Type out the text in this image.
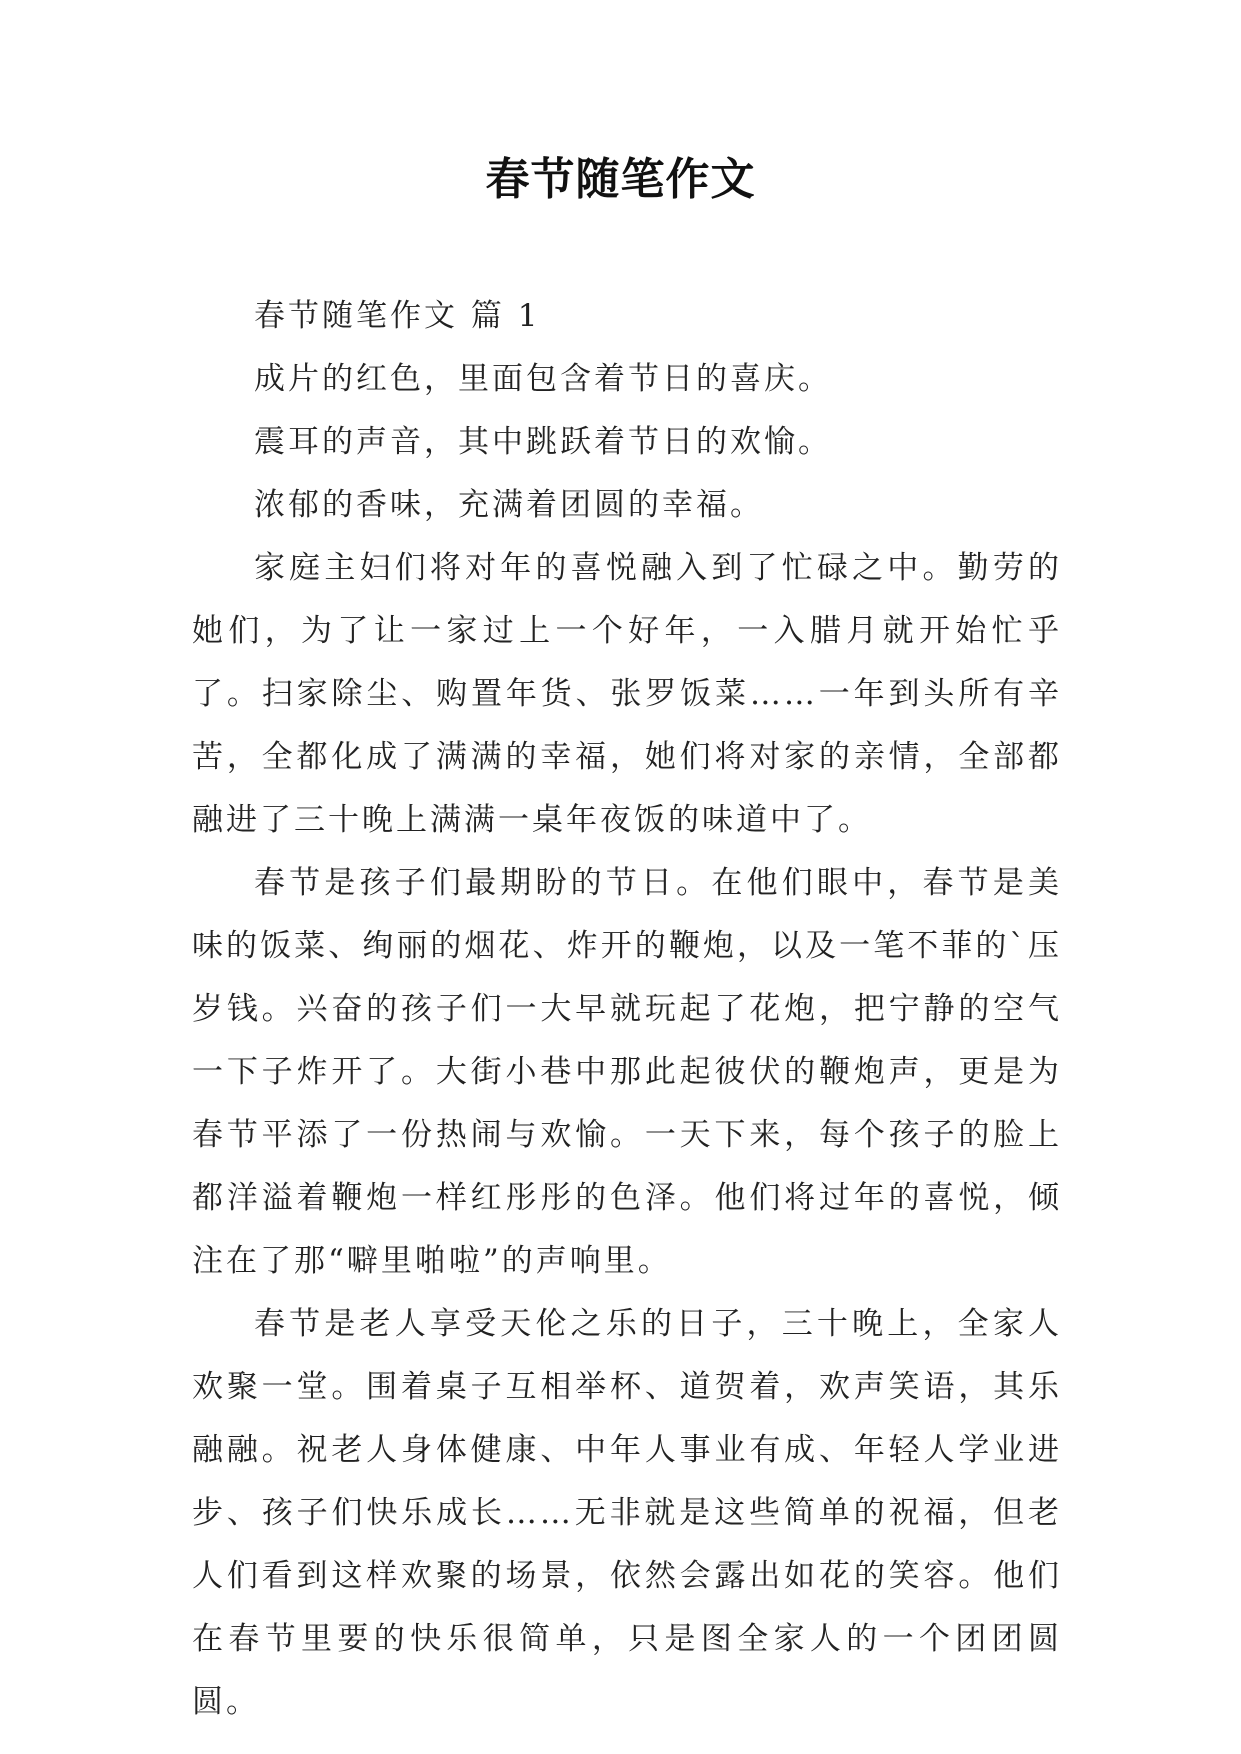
春节随笔作文

春节随笔作文 篇 1

成片的红色，里面包含着节日的喜庆。

震耳的声音，其中跳跃着节日的欢愉。

浓郁的香味，充满着团圆的幸福。

家庭主妇们将对年的喜悦融入到了忙碌之中。勤劳的她们，为了让一家过上一个好年，一入腊月就开始忙乎了。扫家除尘、购置年货、张罗饭菜……一年到头所有辛苦，全都化成了满满的幸福，她们将对家的亲情，全部都融进了三十晚上满满一桌年夜饭的味道中了。

春节是孩子们最期盼的节日。在他们眼中，春节是美味的饭菜、绚丽的烟花、炸开的鞭炮，以及一笔不菲的`压岁钱。兴奋的孩子们一大早就玩起了花炮，把宁静的空气一下子炸开了。大街小巷中那此起彼伏的鞭炮声，更是为春节平添了一份热闹与欢愉。一天下来，每个孩子的脸上都洋溢着鞭炮一样红彤彤的色泽。他们将过年的喜悦，倾注在了那“噼里啪啦”的声响里。

春节是老人享受天伦之乐的日子，三十晚上，全家人欢聚一堂。围着桌子互相举杯、道贺着，欢声笑语，其乐融融。祝老人身体健康、中年人事业有成、年轻人学业进步、孩子们快乐成长……无非就是这些简单的祝福，但老人们看到这样欢聚的场景，依然会露出如花的笑容。他们在春节里要的快乐很简单，只是图全家人的一个团团圆圆。
